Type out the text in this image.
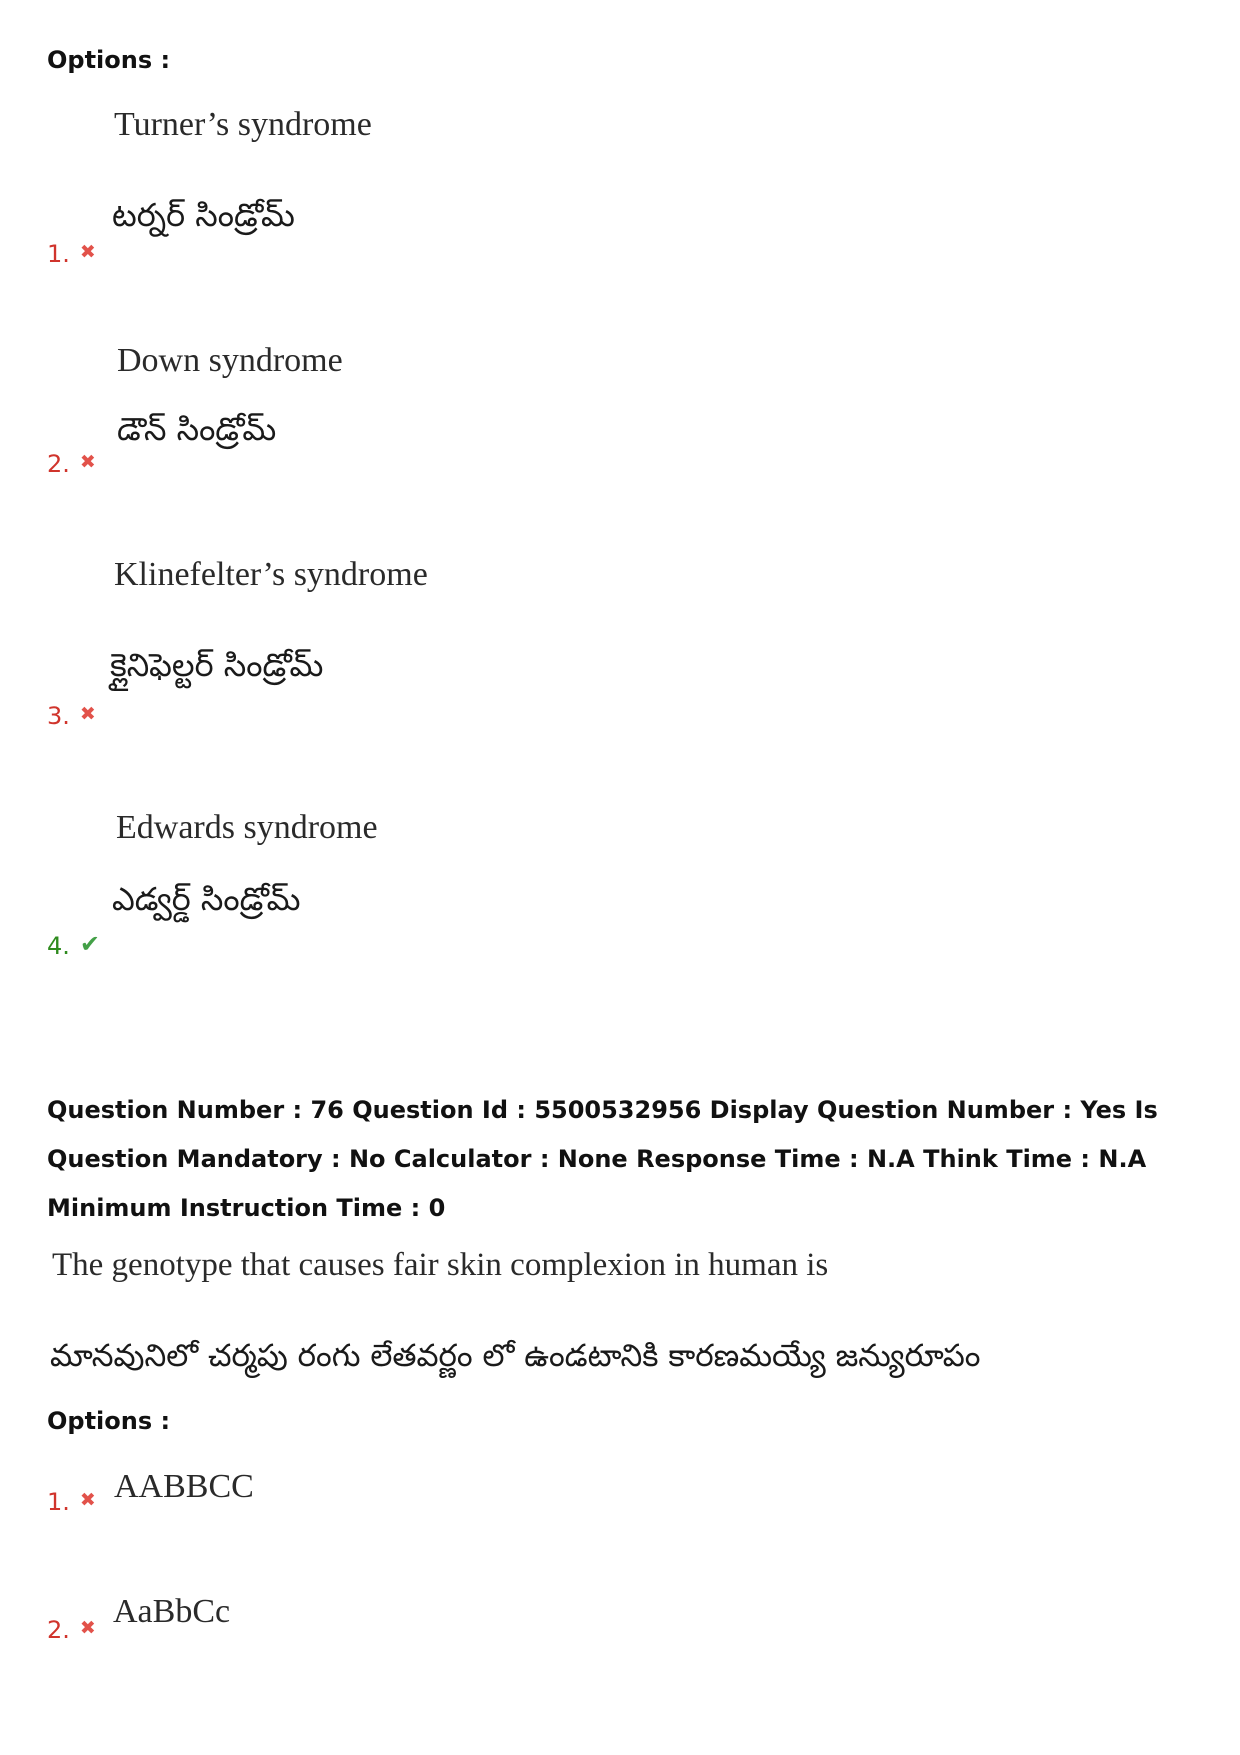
Options :
Turner’s syndrome
టర్నర్ సిండ్రోమ్
1. ✖
Down syndrome
డౌన్ సిండ్రోమ్
2. ✖
Klinefelter’s syndrome
క్లైనిఫెల్టర్ సిండ్రోమ్
3. ✖
Edwards syndrome
ఎడ్వర్డ్ సిండ్రోమ్
4. ✔
Question Number : 76 Question Id : 5500532956 Display Question Number : Yes Is Question Mandatory : No Calculator : None Response Time : N.A Think Time : N.A Minimum Instruction Time : 0
The genotype that causes fair skin complexion in human is
మానవునిలో చర్మపు రంగు లేతవర్ణం లో ఉండటానికి కారణమయ్యే జన్యురూపం
Options :
AABBCC
1. ✖
AaBbCc
2. ✖
